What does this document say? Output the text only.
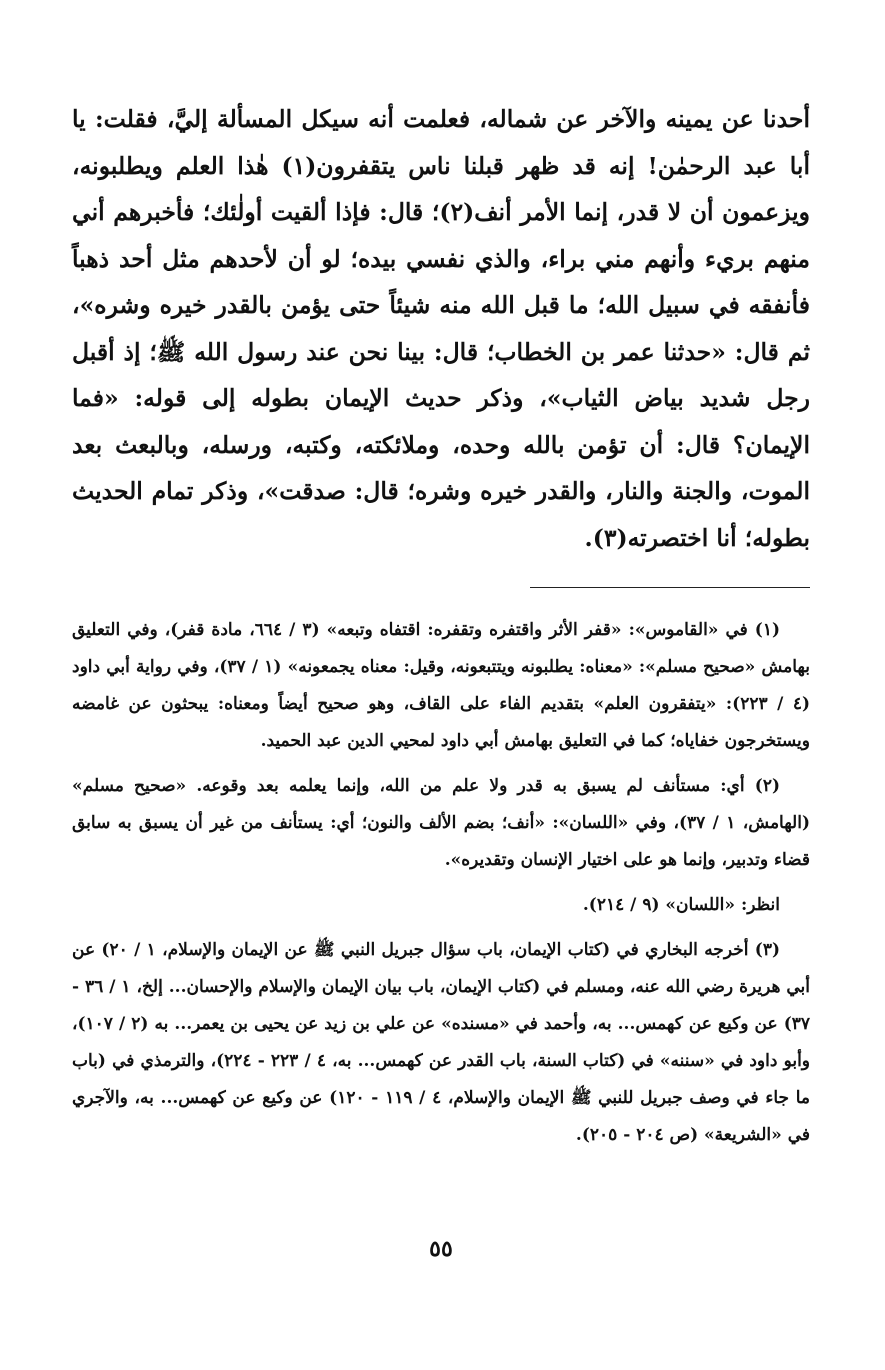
أحدنا عن يمينه والآخر عن شماله، فعلمت أنه سيكل المسألة إليَّ، فقلت: يا أبا عبد الرحمٰن! إنه قد ظهر قبلنا ناس يتقفرون(١) هٰذا العلم ويطلبونه، ويزعمون أن لا قدر، إنما الأمر أنف(٢)؛ قال: فإذا ألقيت أولٰئك؛ فأخبرهم أني منهم بريء وأنهم مني براء، والذي نفسي بيده؛ لو أن لأحدهم مثل أحد ذهباً فأنفقه في سبيل الله؛ ما قبل الله منه شيئاً حتى يؤمن بالقدر خيره وشره»، ثم قال: «حدثنا عمر بن الخطاب؛ قال: بينا نحن عند رسول الله ﷺ؛ إذ أقبل رجل شديد بياض الثياب»، وذكر حديث الإيمان بطوله إلى قوله: «فما الإيمان؟ قال: أن تؤمن بالله وحده، وملائكته، وكتبه، ورسله، وبالبعث بعد الموت، والجنة والنار، والقدر خيره وشره؛ قال: صدقت»، وذكر تمام الحديث بطوله؛ أنا اختصرته(٣).

(١) في «القاموس»: «قفر الأثر واقتفره وتقفره: اقتفاه وتبعه» (٣ / ٦٦٤، مادة قفر)، وفي التعليق بهامش «صحيح مسلم»: «معناه: يطلبونه ويتتبعونه، وقيل: معناه يجمعونه» (١ / ٣٧)، وفي رواية أبي داود (٤ / ٢٢٣): «يتفقرون العلم» بتقديم الفاء على القاف، وهو صحيح أيضاً ومعناه: يبحثون عن غامضه ويستخرجون خفاياه؛ كما في التعليق بهامش أبي داود لمحيي الدين عبد الحميد.

(٢) أي: مستأنف لم يسبق به قدر ولا علم من الله، وإنما يعلمه بعد وقوعه. «صحيح مسلم» (الهامش، ١ / ٣٧)، وفي «اللسان»: «أنف؛ بضم الألف والنون؛ أي: يستأنف من غير أن يسبق به سابق قضاء وتدبير، وإنما هو على اختيار الإنسان وتقديره».

انظر: «اللسان» (٩ / ٢١٤).

(٣) أخرجه البخاري في (كتاب الإيمان، باب سؤال جبريل النبي ﷺ عن الإيمان والإسلام، ١ / ٢٠) عن أبي هريرة رضي الله عنه، ومسلم في (كتاب الإيمان، باب بيان الإيمان والإسلام والإحسان... إلخ، ١ / ٣٦ - ٣٧) عن وكيع عن كهمس... به، وأحمد في «مسنده» عن علي بن زيد عن يحيى بن يعمر... به (٢ / ١٠٧)، وأبو داود في «سننه» في (كتاب السنة، باب القدر عن كهمس... به، ٤ / ٢٢٣ - ٢٢٤)، والترمذي في (باب ما جاء في وصف جبريل للنبي ﷺ الإيمان والإسلام، ٤ / ١١٩ - ١٢٠) عن وكيع عن كهمس... به، والآجري في «الشريعة» (ص ٢٠٤ - ٢٠٥).

٥٥
